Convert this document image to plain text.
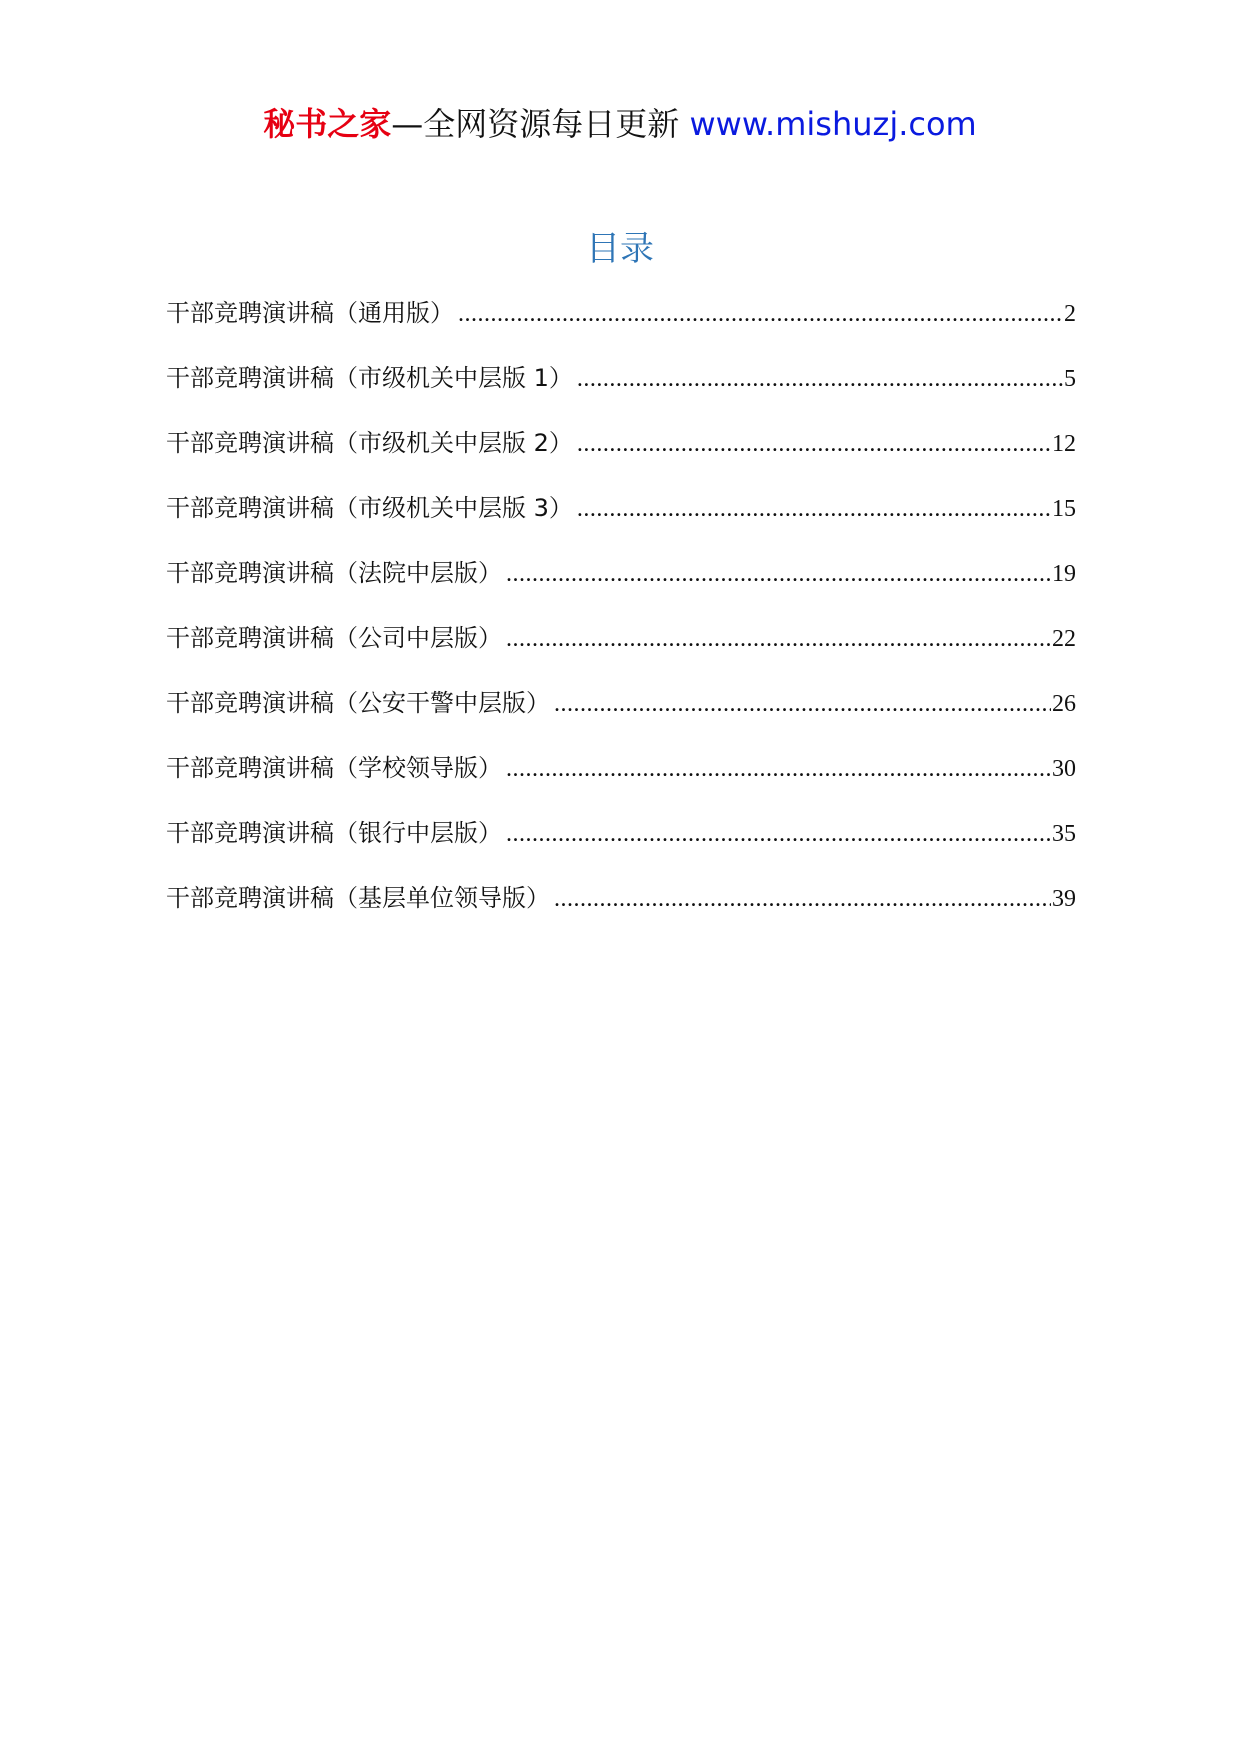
秘书之家—全网资源每日更新 www.mishuzj.com
目录
干部竞聘演讲稿（通用版） .....	2
干部竞聘演讲稿（市级机关中层版 1） .....	5
干部竞聘演讲稿（市级机关中层版 2） .....	12
干部竞聘演讲稿（市级机关中层版 3） .....	15
干部竞聘演讲稿（法院中层版） .....	19
干部竞聘演讲稿（公司中层版） .....	22
干部竞聘演讲稿（公安干警中层版） .....	26
干部竞聘演讲稿（学校领导版） .....	30
干部竞聘演讲稿（银行中层版） .....	35
干部竞聘演讲稿（基层单位领导版） .....	39
